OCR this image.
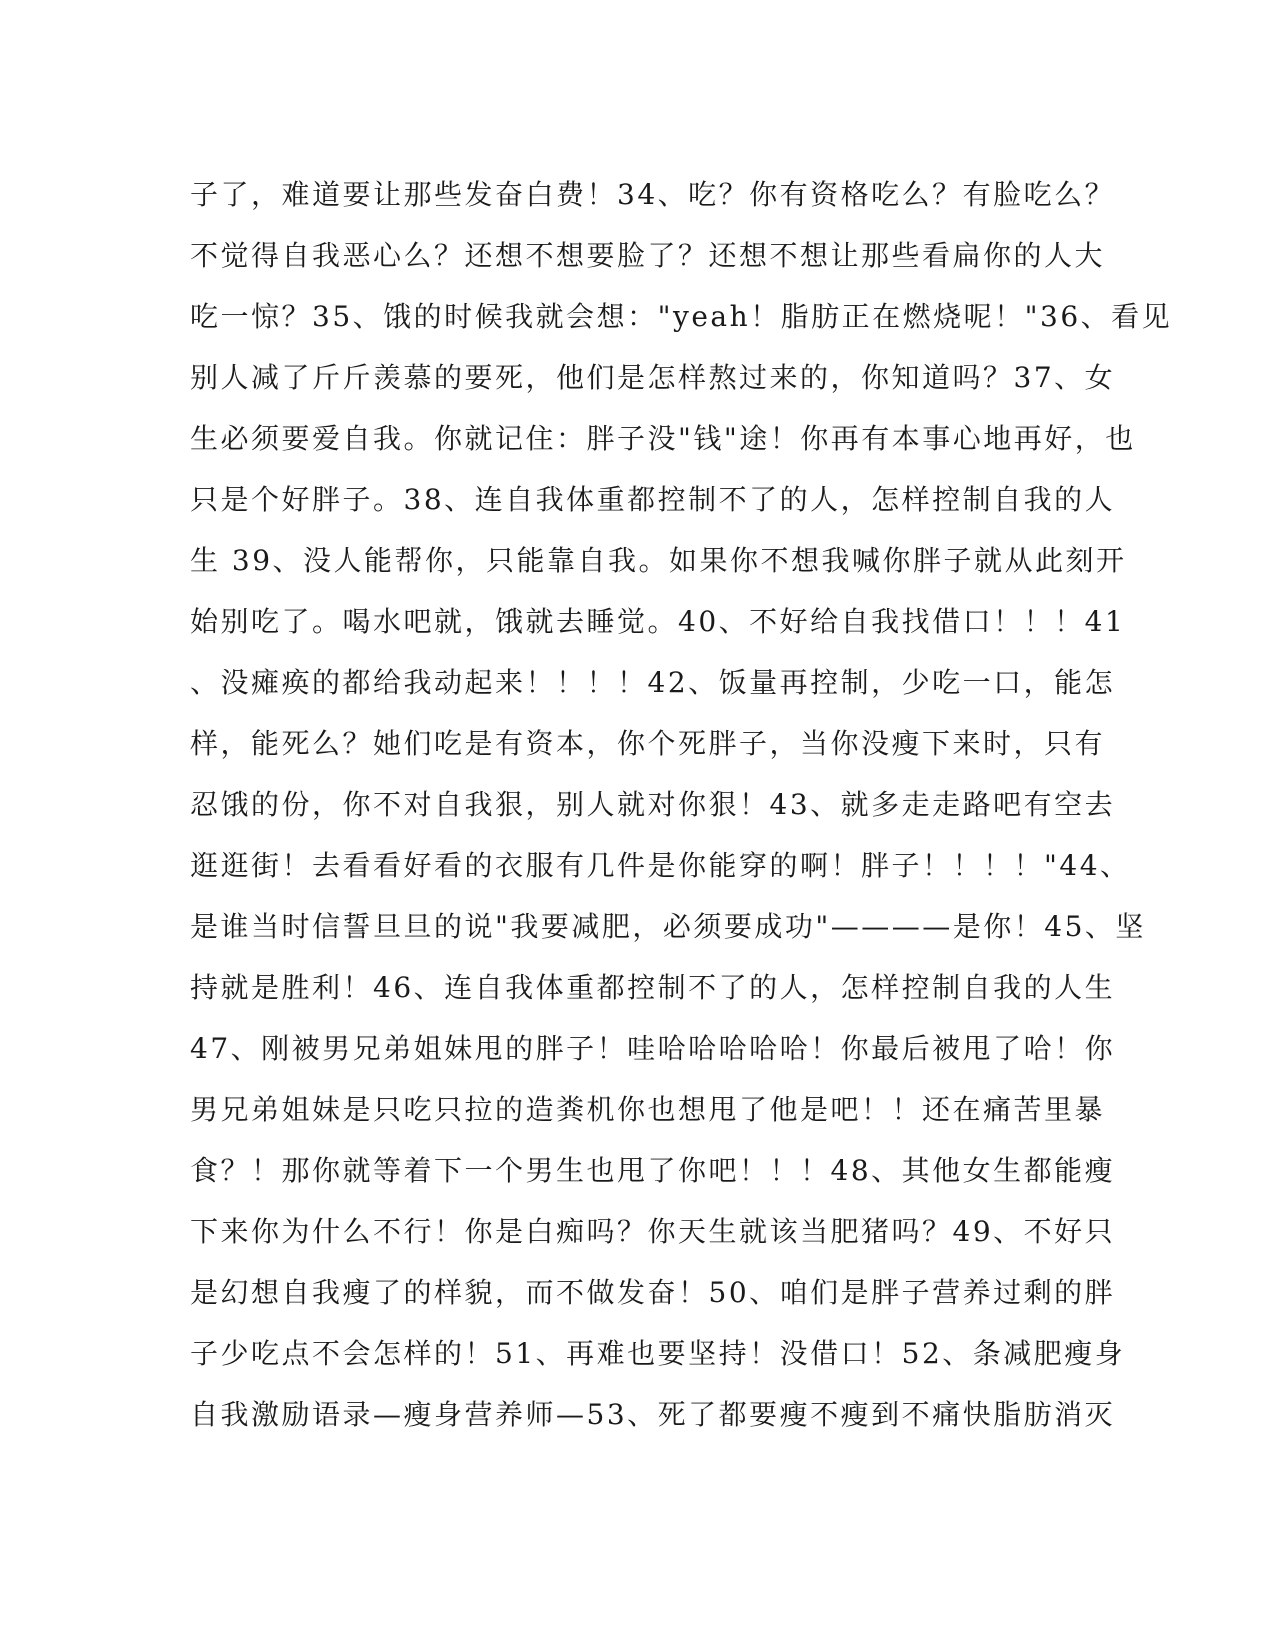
子了，难道要让那些发奋白费！34、吃？你有资格吃么？有脸吃么？
不觉得自我恶心么？还想不想要脸了？还想不想让那些看扁你的人大
吃一惊？35、饿的时候我就会想："yeah！脂肪正在燃烧呢！"36、看见
别人减了斤斤羡慕的要死，他们是怎样熬过来的，你知道吗？37、女
生必须要爱自我。你就记住：胖子没"钱"途！你再有本事心地再好，也
只是个好胖子。38、连自我体重都控制不了的人，怎样控制自我的人
生 39、没人能帮你，只能靠自我。如果你不想我喊你胖子就从此刻开
始别吃了。喝水吧就，饿就去睡觉。40、不好给自我找借口！！！41
、没瘫痪的都给我动起来！！！！42、饭量再控制，少吃一口，能怎
样，能死么？她们吃是有资本，你个死胖子，当你没瘦下来时，只有
忍饿的份，你不对自我狠，别人就对你狠！43、就多走走路吧有空去
逛逛街！去看看好看的衣服有几件是你能穿的啊！胖子！！！！"44、
是谁当时信誓旦旦的说"我要减肥，必须要成功"————是你！45、坚
持就是胜利！46、连自我体重都控制不了的人，怎样控制自我的人生
47、刚被男兄弟姐妹甩的胖子！哇哈哈哈哈哈！你最后被甩了哈！你
男兄弟姐妹是只吃只拉的造粪机你也想甩了他是吧！！还在痛苦里暴
食？！那你就等着下一个男生也甩了你吧！！！48、其他女生都能瘦
下来你为什么不行！你是白痴吗？你天生就该当肥猪吗？49、不好只
是幻想自我瘦了的样貌，而不做发奋！50、咱们是胖子营养过剩的胖
子少吃点不会怎样的！51、再难也要坚持！没借口！52、条减肥瘦身
自我激励语录—瘦身营养师—53、死了都要瘦不瘦到不痛快脂肪消灭
